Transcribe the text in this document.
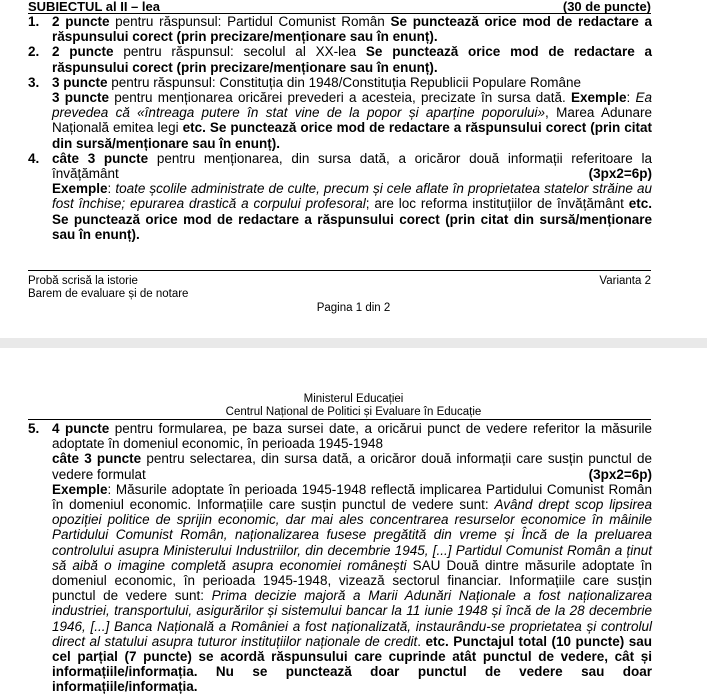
SUBIECTUL al II – lea	(30 de puncte)
1. 2 puncte pentru răspunsul: Partidul Comunist Român Se punctează orice mod de redactare a răspunsului corect (prin precizare/menționare sau în enunț).

2. 2 puncte pentru răspunsul: secolul al XX-lea Se punctează orice mod de redactare a răspunsului corect (prin precizare/menționare sau în enunț).

3. 3 puncte pentru răspunsul: Constituția din 1948/Constituția Republicii Populare Române

3 puncte pentru menționarea oricărei prevederi a acesteia, precizate în sursa dată. Exemple: Ea prevedea că «întreaga putere în stat vine de la popor și aparține poporului», Marea Adunare Națională emitea legi etc. Se punctează orice mod de redactare a răspunsului corect (prin citat din sursă/menționare sau în enunț).

4. câte 3 puncte pentru menționarea, din sursa dată, a oricăror două informații referitoare la învățământ	(3px2=6p)

Exemple: toate școlile administrate de culte, precum și cele aflate în proprietatea statelor străine au fost închise; epurarea drastică a corpului profesoral; are loc reforma instituțiilor de învățământ etc. Se punctează orice mod de redactare a răspunsului corect (prin citat din sursă/menționare sau în enunț).

Probă scrisă la istorie
Barem de evaluare și de notare
Varianta 2
Pagina 1 din 2
Ministerul Educației
Centrul Național de Politici și Evaluare în Educație
5. 4 puncte pentru formularea, pe baza sursei date, a oricărui punct de vedere referitor la măsurile adoptate în domeniul economic, în perioada 1945-1948

câte 3 puncte pentru selectarea, din sursa dată, a oricăror două informații care susțin punctul de vedere formulat	(3px2=6p)

Exemple: Măsurile adoptate în perioada 1945-1948 reflectă implicarea Partidului Comunist Român în domeniul economic. Informațiile care susțin punctul de vedere sunt: Având drept scop lipsirea opoziției politice de sprijin economic, dar mai ales concentrarea resurselor economice în mâinile Partidului Comunist Român, naționalizarea fusese pregătită din vreme și Încă de la preluarea controlului asupra Ministerului Industriilor, din decembrie 1945, [...] Partidul Comunist Român a ținut să aibă o imagine completă asupra economiei românești SAU Două dintre măsurile adoptate în domeniul economic, în perioada 1945-1948, vizează sectorul financiar. Informațiile care susțin punctul de vedere sunt: Prima decizie majoră a Marii Adunări Naționale a fost naționalizarea industriei, transportului, asigurărilor și sistemului bancar la 11 iunie 1948 și încă de la 28 decembrie 1946, [...] Banca Națională a României a fost naționalizată, instaurându-se proprietatea și controlul direct al statului asupra tuturor instituțiilor naționale de credit. etc. Punctajul total (10 puncte) sau cel parțial (7 puncte) se acordă răspunsului care cuprinde atât punctul de vedere, cât și informațiile/informația. Nu se punctează doar punctul de vedere sau doar informațiile/informația.
